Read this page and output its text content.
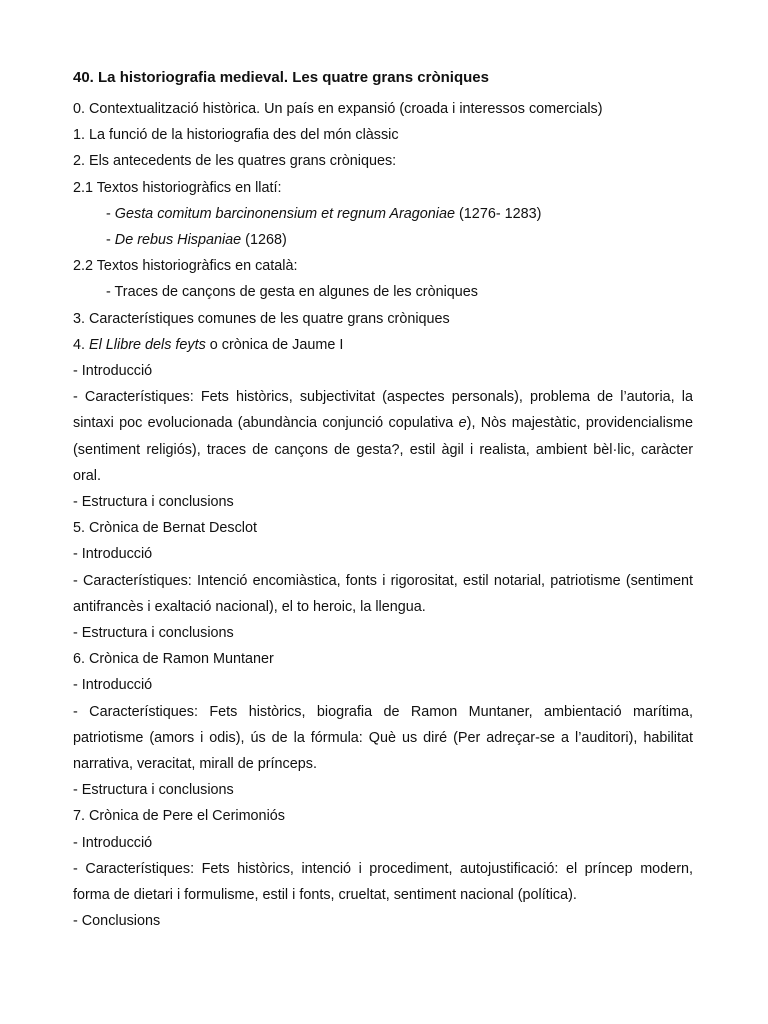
40. La historiografia medieval. Les quatre grans cròniques
0. Contextualització històrica. Un país en expansió (croada i interessos comercials)
1. La funció de la historiografia des del món clàssic
2. Els antecedents de les quatres grans cròniques:
2.1 Textos historiogràfics en llatí:
- Gesta comitum barcinonensium et regnum Aragoniae (1276- 1283)
- De rebus Hispaniae (1268)
2.2 Textos historiogràfics en català:
- Traces de cançons de gesta en algunes de les cròniques
3. Característiques comunes de les quatre grans cròniques
4. El Llibre dels feyts o crònica de Jaume I
- Introducció
- Característiques: Fets històrics, subjectivitat (aspectes personals), problema de l’autoria, la sintaxi poc evolucionada (abundància conjunció copulativa e), Nòs majestàtic, providencialisme (sentiment religiós), traces de cançons de gesta?, estil àgil i realista, ambient bèl·lic, caràcter oral.
- Estructura i conclusions
5. Crònica de Bernat Desclot
- Introducció
- Característiques: Intenció encomiàstica, fonts i rigorositat, estil notarial, patriotisme (sentiment antifrancès i exaltació nacional), el to heroic, la llengua.
- Estructura i conclusions
6. Crònica de Ramon Muntaner
- Introducció
- Característiques: Fets històrics, biografia de Ramon Muntaner, ambientació marítima, patriotisme (amors i odis), ús de la fórmula: Què us diré (Per adreçar-se a l’auditori), habilitat narrativa, veracitat, mirall de prínceps.
- Estructura i conclusions
7. Crònica de Pere el Cerimoniós
- Introducció
- Característiques: Fets històrics, intenció i procediment, autojustificació: el príncep modern, forma de dietari i formulisme, estil i fonts, crueltat, sentiment nacional (política).
- Conclusions
